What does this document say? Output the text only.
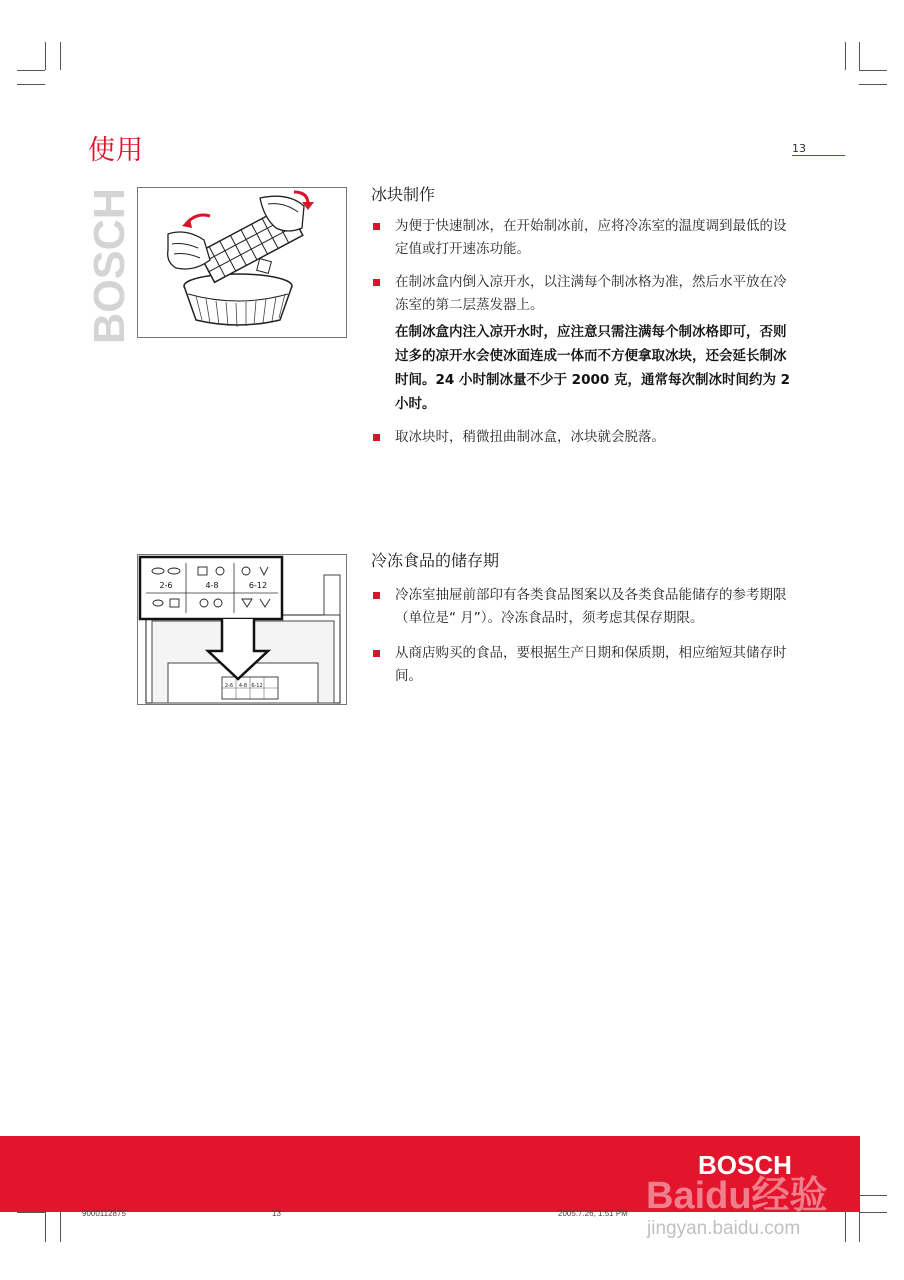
使用	13
BOSCH	冰块制作
为便于快速制冰，在开始制冰前，应将冷冻室的温度调到最低的设定值或打开速冻功能。
在制冰盒内倒入凉开水，以注满每个制冰格为准，然后水平放在冷冻室的第二层蒸发器上。
在制冰盒内注入凉开水时，应注意只需注满每个制冰格即可，否则过多的凉开水会使冰面连成一体而不方便拿取冰块，还会延长制冰时间。24 小时制冰量不少于 2000 克，通常每次制冰时间约为 2 小时。
取冰块时，稍微扭曲制冰盒，冰块就会脱落。
2-6 4-8 6-12
2-6	4-8	6-12
冷冻食品的储存期
冷冻室抽屉前部印有各类食品图案以及各类食品能储存的参考期限（单位是“ 月”）。冷冻食品时，须考虑其保存期限。
从商店购买的食品，要根据生产日期和保质期，相应缩短其储存时间。
Baidu经验
BOSCH
9000112875	13	2005.7.26, 1:51 PM
jingyan.baidu.com
